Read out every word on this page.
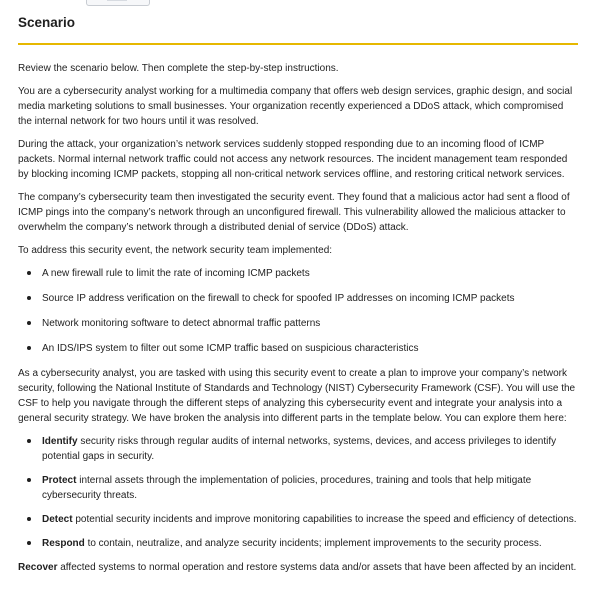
Scenario

Review the scenario below. Then complete the step-by-step instructions.

You are a cybersecurity analyst working for a multimedia company that offers web design services, graphic design, and social media marketing solutions to small businesses. Your organization recently experienced a DDoS attack, which compromised the internal network for two hours until it was resolved.

During the attack, your organization’s network services suddenly stopped responding due to an incoming flood of ICMP packets. Normal internal network traffic could not access any network resources. The incident management team responded by blocking incoming ICMP packets, stopping all non-critical network services offline, and restoring critical network services.

The company’s cybersecurity team then investigated the security event. They found that a malicious actor had sent a flood of ICMP pings into the company’s network through an unconfigured firewall. This vulnerability allowed the malicious attacker to overwhelm the company’s network through a distributed denial of service (DDoS) attack.

To address this security event, the network security team implemented:

A new firewall rule to limit the rate of incoming ICMP packets
Source IP address verification on the firewall to check for spoofed IP addresses on incoming ICMP packets
Network monitoring software to detect abnormal traffic patterns
An IDS/IPS system to filter out some ICMP traffic based on suspicious characteristics

As a cybersecurity analyst, you are tasked with using this security event to create a plan to improve your company’s network security, following the National Institute of Standards and Technology (NIST) Cybersecurity Framework (CSF). You will use the CSF to help you navigate through the different steps of analyzing this cybersecurity event and integrate your analysis into a general security strategy. We have broken the analysis into different parts in the template below. You can explore them here:

Identify security risks through regular audits of internal networks, systems, devices, and access privileges to identify potential gaps in security.
Protect internal assets through the implementation of policies, procedures, training and tools that help mitigate cybersecurity threats.
Detect potential security incidents and improve monitoring capabilities to increase the speed and efficiency of detections.
Respond to contain, neutralize, and analyze security incidents; implement improvements to the security process.

Recover affected systems to normal operation and restore systems data and/or assets that have been affected by an incident.
